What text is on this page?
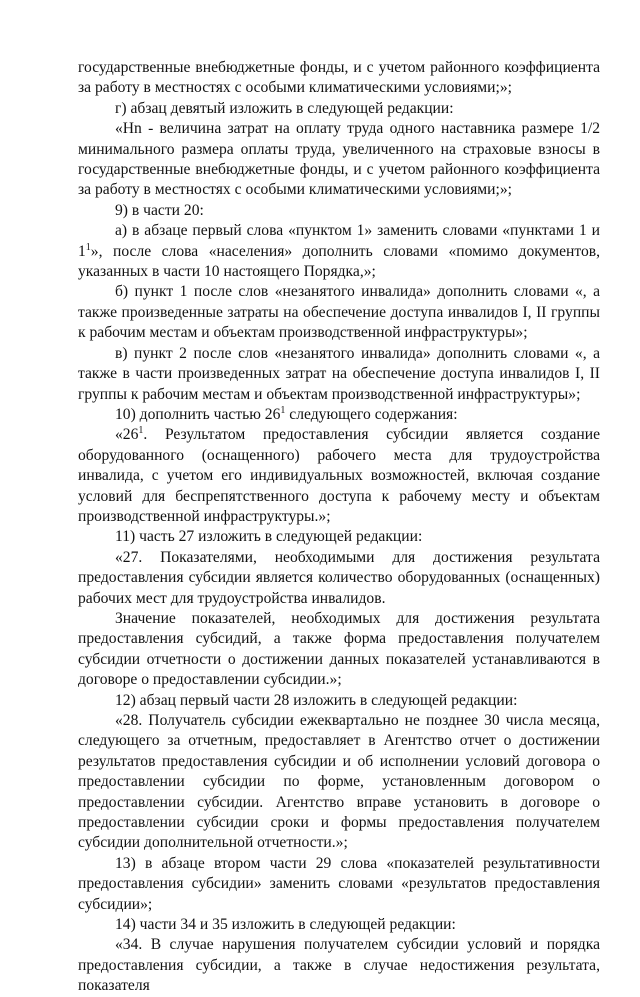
государственные внебюджетные фонды, и с учетом районного коэффициента за работу в местностях с особыми климатическими условиями;»;

г) абзац девятый изложить в следующей редакции:

«Hn - величина затрат на оплату труда одного наставника размере 1/2 минимального размера оплаты труда, увеличенного на страховые взносы в государственные внебюджетные фонды, и с учетом районного коэффициента за работу в местностях с особыми климатическими условиями;»;

9) в части 20:

а) в абзаце первый слова «пунктом 1» заменить словами «пунктами 1 и $1^1$», после слова «населения» дополнить словами «помимо документов, указанных в части 10 настоящего Порядка,»;

б) пункт 1 после слов «незанятого инвалида» дополнить словами «, а также произведенные затраты на обеспечение доступа инвалидов I, II группы к рабочим местам и объектам производственной инфраструктуры»;

в) пункт 2 после слов «незанятого инвалида» дополнить словами «, а также в части произведенных затрат на обеспечение доступа инвалидов I, II группы к рабочим местам и объектам производственной инфраструктуры»;

10) дополнить частью $26^1$ следующего содержания:

«$26^1$. Результатом предоставления субсидии является создание оборудованного (оснащенного) рабочего места для трудоустройства инвалида, с учетом его индивидуальных возможностей, включая создание условий для беспрепятственного доступа к рабочему месту и объектам производственной инфраструктуры.»;

11) часть 27 изложить в следующей редакции:

«27. Показателями, необходимыми для достижения результата предоставления субсидии является количество оборудованных (оснащенных) рабочих мест для трудоустройства инвалидов.

Значение показателей, необходимых для достижения результата предоставления субсидий, а также форма предоставления получателем субсидии отчетности о достижении данных показателей устанавливаются в договоре о предоставлении субсидии.»;

12) абзац первый части 28 изложить в следующей редакции:

«28. Получатель субсидии ежеквартально не позднее 30 числа месяца, следующего за отчетным, предоставляет в Агентство отчет о достижении результатов предоставления субсидии и об исполнении условий договора о предоставлении субсидии по форме, установленным договором о предоставлении субсидии. Агентство вправе установить в договоре о предоставлении субсидии сроки и формы предоставления получателем субсидии дополнительной отчетности.»;

13) в абзаце втором части 29 слова «показателей результативности предоставления субсидии» заменить словами «результатов предоставления субсидии»;

14) части 34 и 35 изложить в следующей редакции:

«34. В случае нарушения получателем субсидии условий и порядка предоставления субсидии, а также в случае недостижения результата, показателя
